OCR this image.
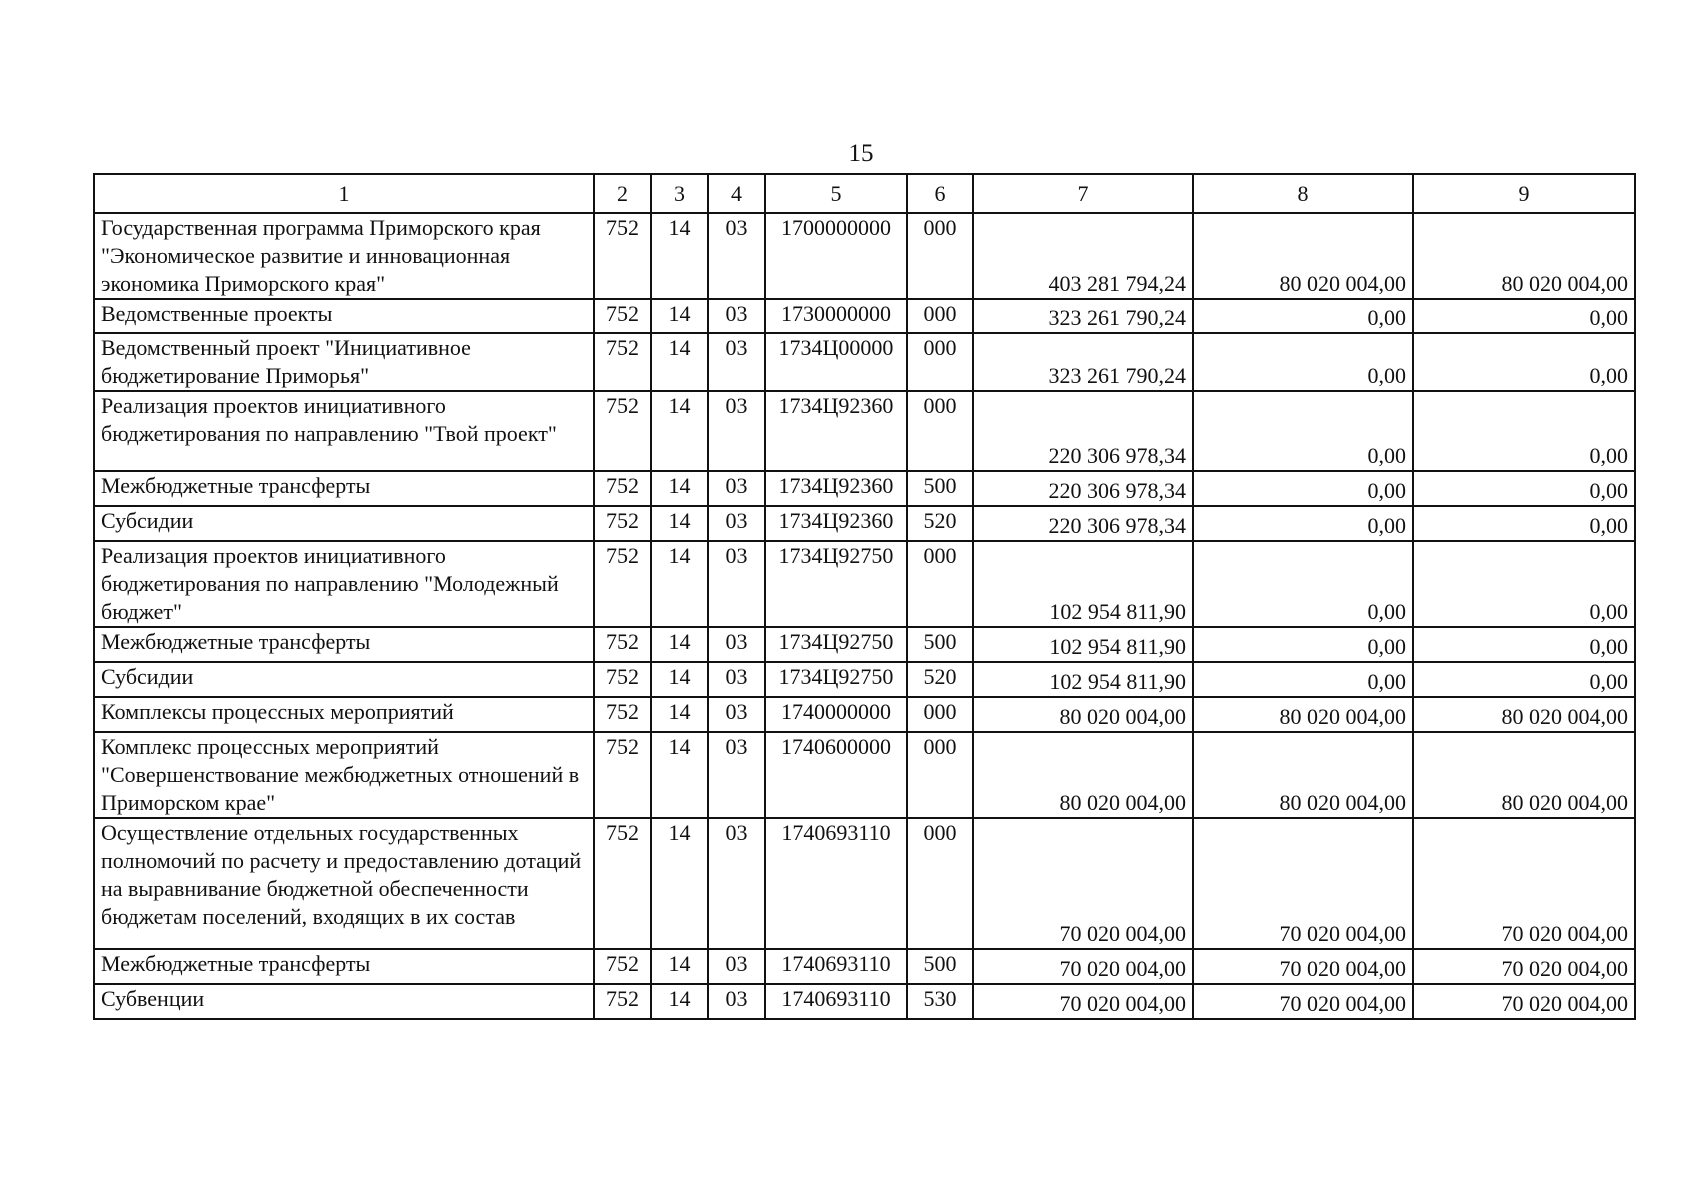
15
1	2	3	4	5	6	7	8	9
Государственная программа Приморского края "Экономическое развитие и инновационная экономика Приморского края"	752	14	03	1700000000	000	403 281 794,24	80 020 004,00	80 020 004,00
Ведомственные проекты	752	14	03	1730000000	000	323 261 790,24	0,00	0,00
Ведомственный проект "Инициативное бюджетирование Приморья"	752	14	03	1734Ц00000	000	323 261 790,24	0,00	0,00
Реализация проектов инициативного бюджетирования по направлению "Твой проект"	752	14	03	1734Ц92360	000	220 306 978,34	0,00	0,00
Межбюджетные трансферты	752	14	03	1734Ц92360	500	220 306 978,34	0,00	0,00
Субсидии	752	14	03	1734Ц92360	520	220 306 978,34	0,00	0,00
Реализация проектов инициативного бюджетирования по направлению "Молодежный бюджет"	752	14	03	1734Ц92750	000	102 954 811,90	0,00	0,00
Межбюджетные трансферты	752	14	03	1734Ц92750	500	102 954 811,90	0,00	0,00
Субсидии	752	14	03	1734Ц92750	520	102 954 811,90	0,00	0,00
Комплексы процессных мероприятий	752	14	03	1740000000	000	80 020 004,00	80 020 004,00	80 020 004,00
Комплекс процессных мероприятий "Совершенствование межбюджетных отношений в Приморском крае"	752	14	03	1740600000	000	80 020 004,00	80 020 004,00	80 020 004,00
Осуществление отдельных государственных полномочий по расчету и предоставлению дотаций на выравнивание бюджетной обеспеченности бюджетам поселений, входящих в их состав	752	14	03	1740693110	000	70 020 004,00	70 020 004,00	70 020 004,00
Межбюджетные трансферты	752	14	03	1740693110	500	70 020 004,00	70 020 004,00	70 020 004,00
Субвенции	752	14	03	1740693110	530	70 020 004,00	70 020 004,00	70 020 004,00
